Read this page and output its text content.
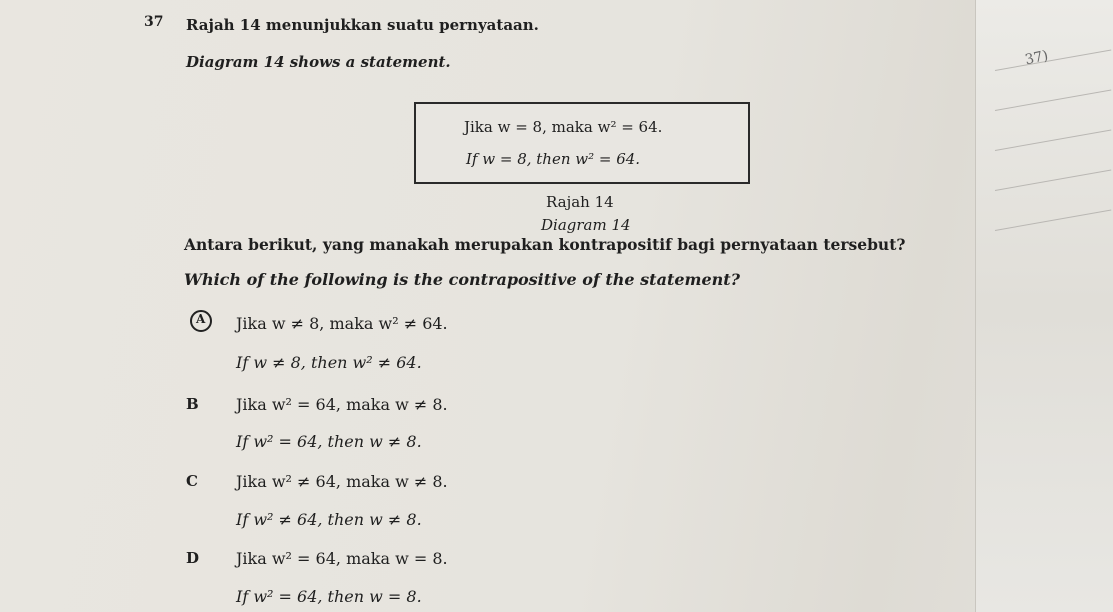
37)
37 Rajah 14 menunjukkan suatu pernyataan.
Diagram 14 shows a statement.
Jika w = 8, maka w² = 64.
If w = 8, then w² = 64.
Rajah 14
Diagram 14
Antara berikut, yang manakah merupakan kontrapositif bagi pernyataan tersebut?
Which of the following is the contrapositive of the statement?
A Jika w ≠ 8, maka w² ≠ 64.
If w ≠ 8, then w² ≠ 64.
B Jika w² = 64, maka w ≠ 8.
If w² = 64, then w ≠ 8.
C Jika w² ≠ 64, maka w ≠ 8.
If w² ≠ 64, then w ≠ 8.
D Jika w² = 64, maka w = 8.
If w² = 64, then w = 8.
